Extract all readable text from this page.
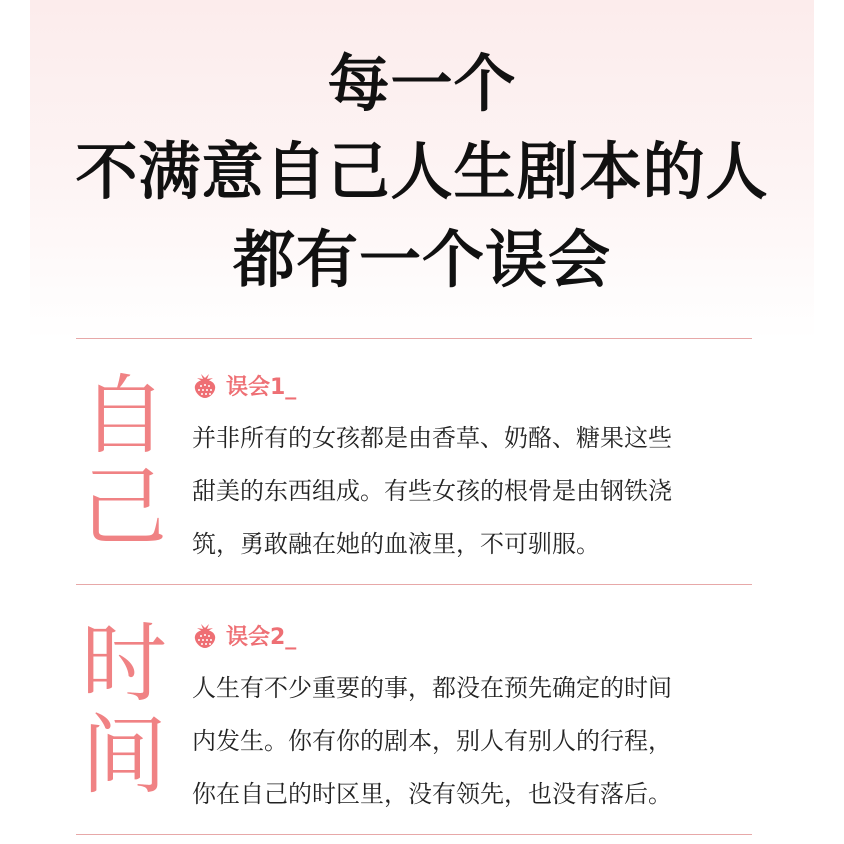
每一个
不满意自己人生剧本的人
都有一个误会
自
己
误会1_
并非所有的女孩都是由香草、奶酪、糖果这些
甜美的东西组成。有些女孩的根骨是由钢铁浇
筑，勇敢融在她的血液里，不可驯服。
时
间
误会2_
人生有不少重要的事，都没在预先确定的时间
内发生。你有你的剧本，别人有别人的行程，
你在自己的时区里，没有领先，也没有落后。
